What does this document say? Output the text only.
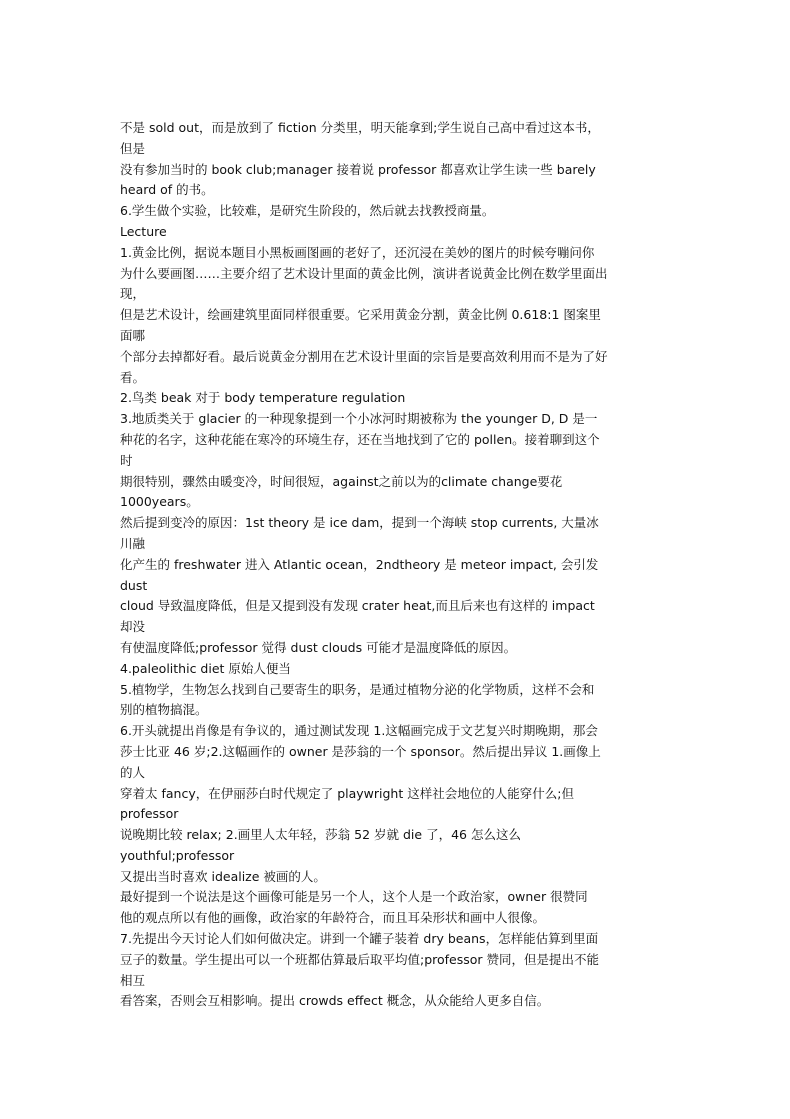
不是 sold out，而是放到了 fiction 分类里，明天能拿到;学生说自己高中看过这本书，
但是
没有参加当时的 book club;manager 接着说 professor 都喜欢让学生读一些 barely
heard of 的书。
6.学生做个实验，比较难，是研究生阶段的，然后就去找教授商量。
Lecture
1.黄金比例，据说本题目小黑板画图画的老好了，还沉浸在美妙的图片的时候夸嘣问你
为什么要画图……主要介绍了艺术设计里面的黄金比例，演讲者说黄金比例在数学里面出
现，
但是艺术设计，绘画建筑里面同样很重要。它采用黄金分割，黄金比例 0.618:1 图案里
面哪
个部分去掉都好看。最后说黄金分割用在艺术设计里面的宗旨是要高效利用而不是为了好
看。
2.鸟类 beak 对于 body temperature regulation
3.地质类关于 glacier 的一种现象提到一个小冰河时期被称为 the younger D, D 是一
种花的名字，这种花能在寒冷的环境生存，还在当地找到了它的 pollen。接着聊到这个
时
期很特别，骤然由暖变冷，时间很短，against之前以为的climate change要花
1000years。
然后提到变冷的原因：1st theory 是 ice dam，提到一个海峡 stop currents, 大量冰
川融
化产生的 freshwater 进入 Atlantic ocean，2ndtheory 是 meteor impact, 会引发
dust
cloud 导致温度降低，但是又提到没有发现 crater heat,而且后来也有这样的 impact
却没
有使温度降低;professor 觉得 dust clouds 可能才是温度降低的原因。
4.paleolithic diet 原始人便当
5.植物学，生物怎么找到自己要寄生的职务，是通过植物分泌的化学物质，这样不会和
别的植物搞混。
6.开头就提出肖像是有争议的，通过测试发现 1.这幅画完成于文艺复兴时期晚期，那会
莎士比亚 46 岁;2.这幅画作的 owner 是莎翁的一个 sponsor。然后提出异议 1.画像上
的人
穿着太 fancy，在伊丽莎白时代规定了 playwright 这样社会地位的人能穿什么;但
professor
说晚期比较 relax; 2.画里人太年轻，莎翁 52 岁就 die 了，46 怎么这么
youthful;professor
又提出当时喜欢 idealize 被画的人。
最好提到一个说法是这个画像可能是另一个人，这个人是一个政治家，owner 很赞同
他的观点所以有他的画像，政治家的年龄符合，而且耳朵形状和画中人很像。
7.先提出今天讨论人们如何做决定。讲到一个罐子装着 dry beans，怎样能估算到里面
豆子的数量。学生提出可以一个班都估算最后取平均值;professor 赞同，但是提出不能
相互
看答案，否则会互相影响。提出 crowds effect 概念，从众能给人更多自信。
